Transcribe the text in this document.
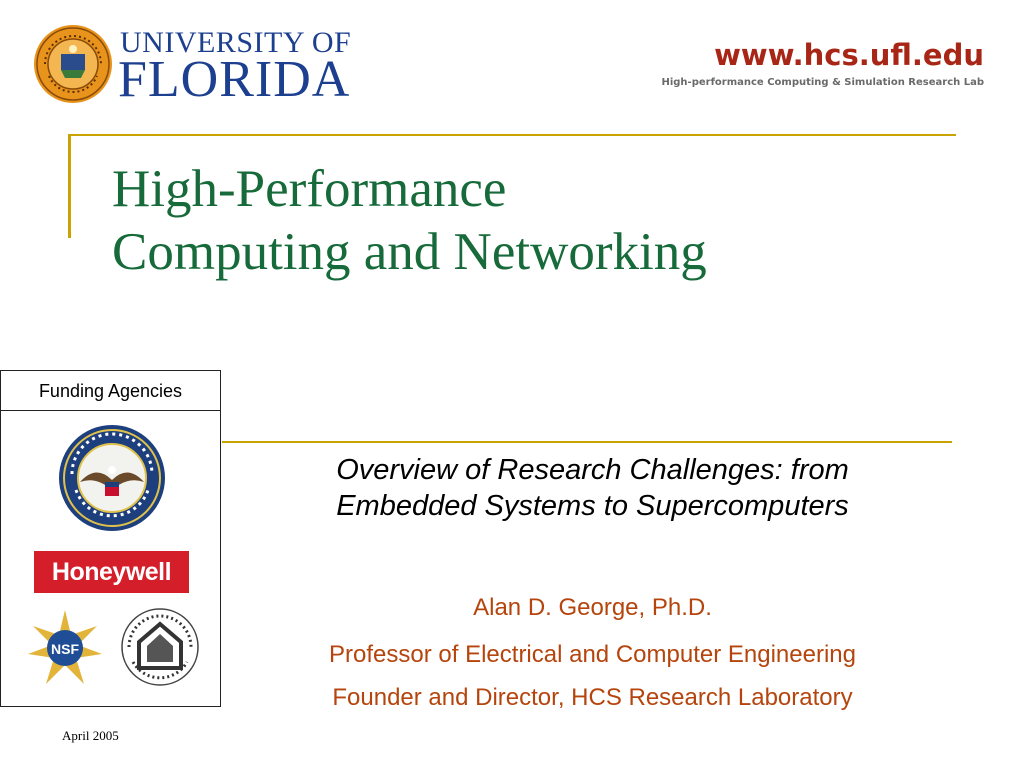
UNIVERSITY OF
FLORIDA	www.hcs.ufl.edu
High-performance Computing & Simulation Research Lab
High-Performance
Computing and Networking
Funding Agencies
Honeywell
NSF
Overview of Research Challenges: from
Embedded Systems to Supercomputers
Alan D. George, Ph.D.
Professor of Electrical and Computer Engineering
Founder and Director, HCS Research Laboratory
April 2005
